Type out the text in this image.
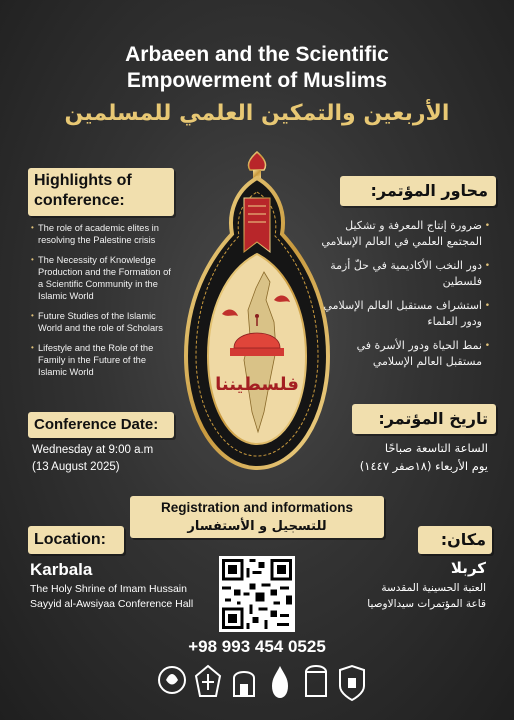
Arbaeen and the Scientific
Empowerment of Muslims
الأربعين والتمكين العلمي للمسلمين
Highlights of
conference:
• The role of academic elites in resolving the Palestine crisis
• The Necessity of Knowledge Production and the Formation of a Scientific Community in the Islamic World
• Future Studies of the Islamic World and the role of Scholars
• Lifestyle and the Role of the Family in the Future of the Islamic World
محاور المؤتمر:
• ضرورة إنتاج المعرفة و تشكيل المجتمع العلمي في العالم الإسلامي
• دور النخب الأكاديمية في حلّ أزمة فلسطين
• استشراف مستقبل العالم الإسلامي ودور العلماء
• نمط الحياة ودور الأسرة في مستقبل العالم الإسلامي
فلسطيننا
Conference Date:
Wednesday at 9:00 a.m
(13 August 2025)
تاريخ المؤتمر:
الساعة التاسعة صباحًا
يوم الأربعاء (١٨صفر ١٤٤٧)
Registration and informations
للتسجيل و الأستفسار
Location:
Karbala
The Holy Shrine of Imam Hussain
Sayyid al-Awsiyaa Conference Hall
مكان:
كربلا
العتبة الحسينية المقدسة
قاعة المؤتمرات سيدالاوصيا
+98 993 454 0525
